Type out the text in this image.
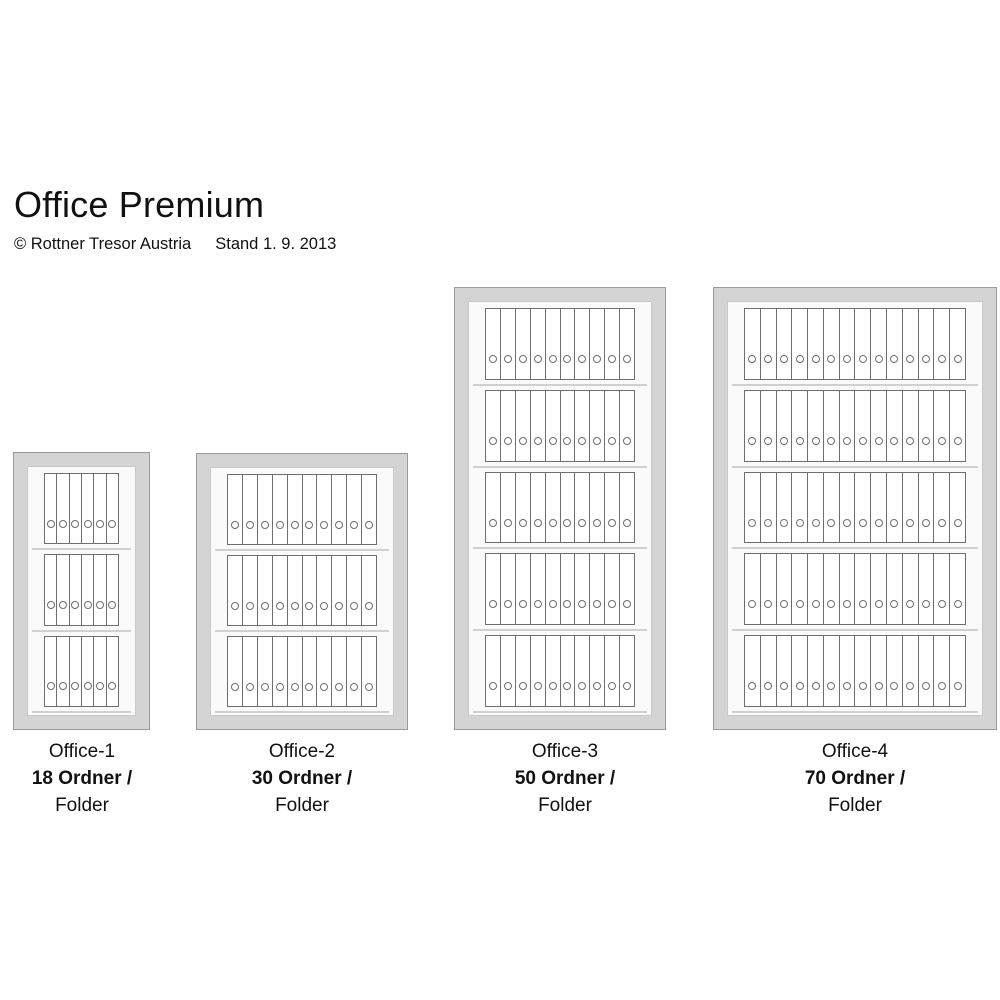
Office Premium
© Rottner Tresor Austria Stand 1. 9. 2013
Office-1
18 Ordner /
Folder
Office-2
30 Ordner /
Folder
Office-3
50 Ordner /
Folder
Office-4
70 Ordner /
Folder
